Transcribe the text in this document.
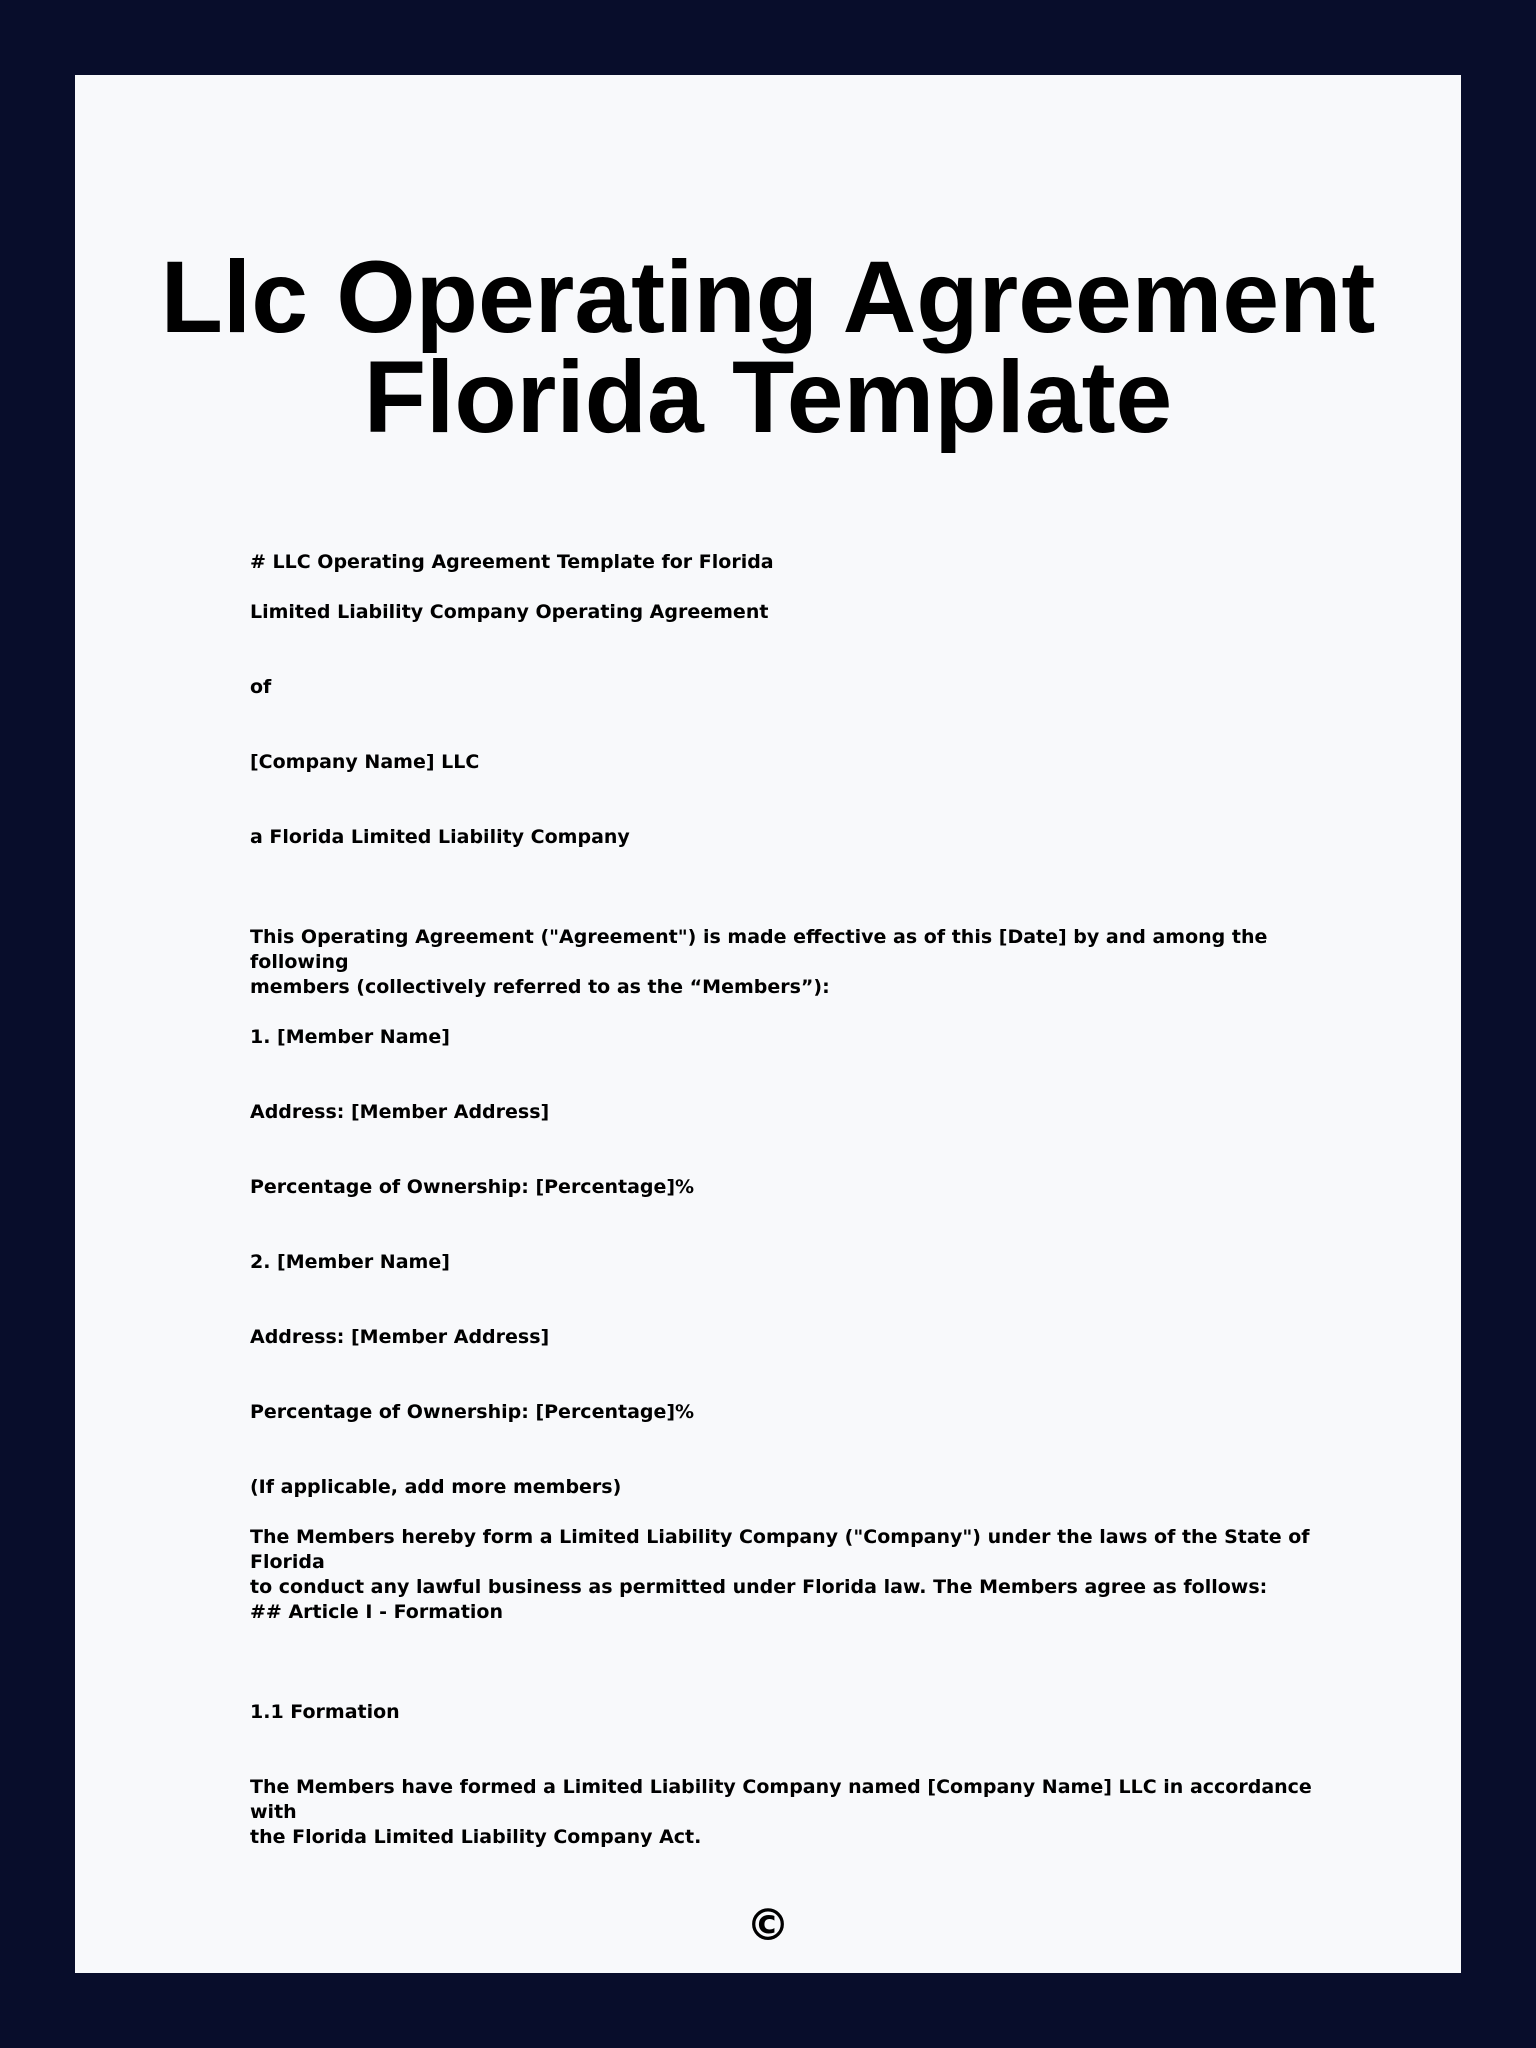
Llc Operating Agreement
Florida Template

# LLC Operating Agreement Template for Florida

Limited Liability Company Operating Agreement

of

[Company Name] LLC

a Florida Limited Liability Company

This Operating Agreement ("Agreement") is made effective as of this [Date] by and among the following
members (collectively referred to as the “Members”):

1. [Member Name]

Address: [Member Address]

Percentage of Ownership: [Percentage]%

2. [Member Name]

Address: [Member Address]

Percentage of Ownership: [Percentage]%

(If applicable, add more members)

The Members hereby form a Limited Liability Company ("Company") under the laws of the State of Florida
to conduct any lawful business as permitted under Florida law. The Members agree as follows:

## Article I - Formation

1.1 Formation

The Members have formed a Limited Liability Company named [Company Name] LLC in accordance with
the Florida Limited Liability Company Act.

©
